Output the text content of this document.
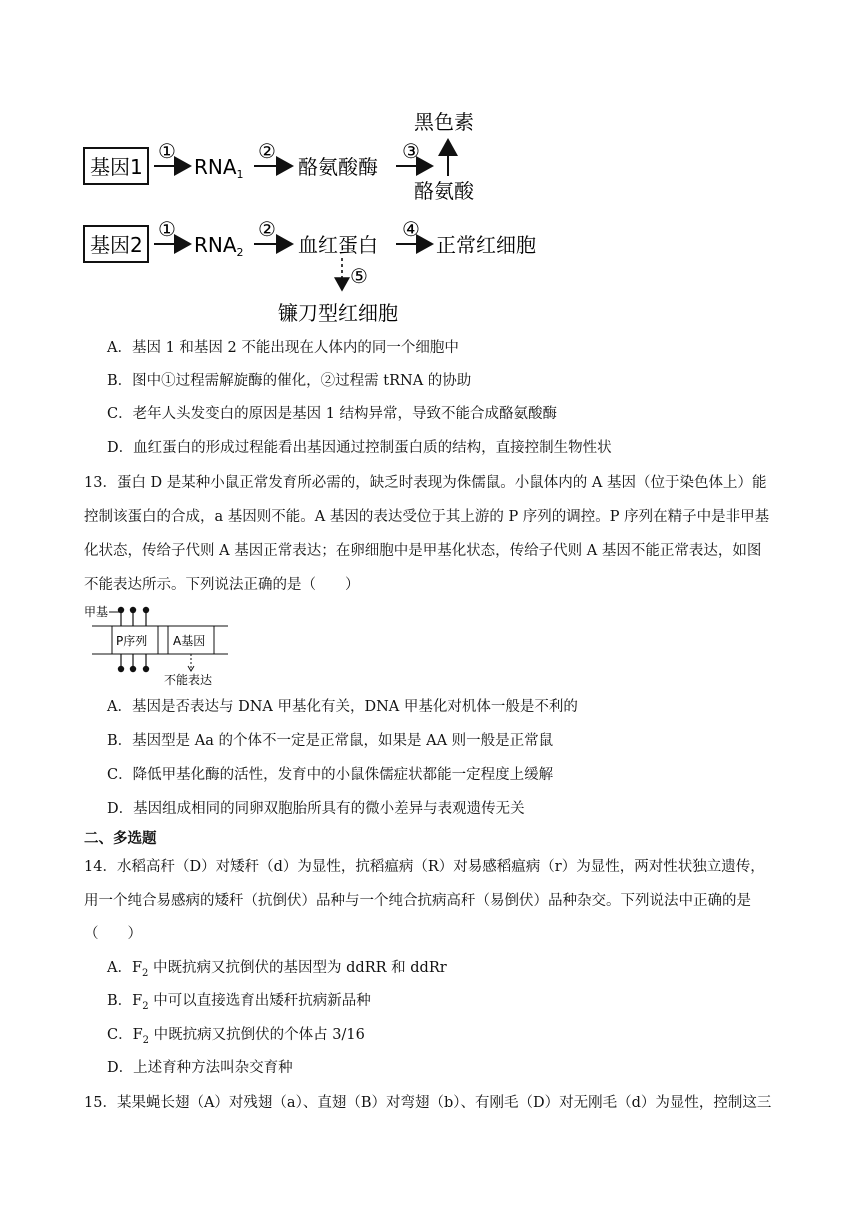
基因1
①
$RNA_1$
②
酪氨酸酶
③
黑色素
酪氨酸
基因2
①
$RNA_2$
②
血红蛋白
④
正常红细胞
⑤
镰刀型红细胞
A．基因 1 和基因 2 不能出现在人体内的同一个细胞中
B．图中①过程需解旋酶的催化，②过程需 tRNA 的协助
C．老年人头发变白的原因是基因 1 结构异常，导致不能合成酪氨酸酶
D．血红蛋白的形成过程能看出基因通过控制蛋白质的结构，直接控制生物性状
13．蛋白 D 是某种小鼠正常发育所必需的，缺乏时表现为侏儒鼠。小鼠体内的 A 基因（位于染色体上）能
控制该蛋白的合成，a 基因则不能。A 基因的表达受位于其上游的 P 序列的调控。P 序列在精子中是非甲基
化状态，传给子代则 A 基因正常表达；在卵细胞中是甲基化状态，传给子代则 A 基因不能正常表达，如图
不能表达所示。下列说法正确的是（　　）
甲基
P序列 A基因
不能表达
A．基因是否表达与 DNA 甲基化有关，DNA 甲基化对机体一般是不利的
B．基因型是 Aa 的个体不一定是正常鼠，如果是 AA 则一般是正常鼠
C．降低甲基化酶的活性，发育中的小鼠侏儒症状都能一定程度上缓解
D．基因组成相同的同卵双胞胎所具有的微小差异与表观遗传无关
二、多选题
14．水稻高秆（D）对矮秆（d）为显性，抗稻瘟病（R）对易感稻瘟病（r）为显性，两对性状独立遗传，
用一个纯合易感病的矮秆（抗倒伏）品种与一个纯合抗病高秆（易倒伏）品种杂交。下列说法中正确的是
（　　）
A．$F_2$ 中既抗病又抗倒伏的基因型为 ddRR 和 ddRr
B．$F_2$ 中可以直接选育出矮秆抗病新品种
C．$F_2$ 中既抗病又抗倒伏的个体占 3/16
D．上述育种方法叫杂交育种
15．某果蝇长翅（A）对残翅（a）、直翅（B）对弯翅（b）、有刚毛（D）对无刚毛（d）为显性，控制这三
